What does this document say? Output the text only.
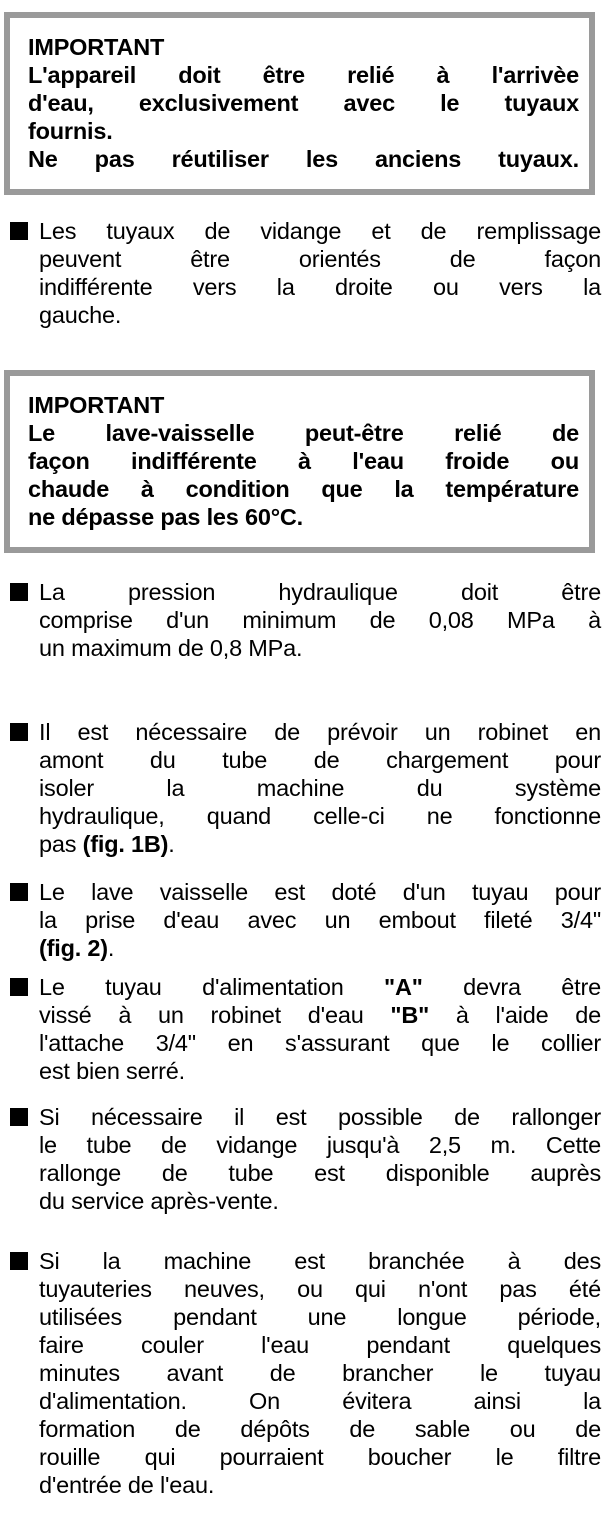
IMPORTANT
L'appareil doit être relié à l'arrivèe
d'eau, exclusivement avec le tuyaux
fournis.
Ne pas réutiliser les anciens tuyaux.
Les tuyaux de vidange et de remplissage
peuvent être orientés de façon
indifférente vers la droite ou vers la
gauche.
IMPORTANT
Le lave-vaisselle peut-être relié de
façon indifférente à l'eau froide ou
chaude à condition que la température
ne dépasse pas les 60°C.
La pression hydraulique doit être
comprise d'un minimum de 0,08 MPa à
un maximum de 0,8 MPa.
Il est nécessaire de prévoir un robinet en
amont du tube de chargement pour
isoler la machine du système
hydraulique, quand celle-ci ne fonctionne
pas (fig. 1B).
Le lave vaisselle est doté d'un tuyau pour
la prise d'eau avec un embout fileté 3/4"
(fig. 2).
Le tuyau d'alimentation "A" devra être
vissé à un robinet d'eau "B" à l'aide de
l'attache 3/4" en s'assurant que le collier
est bien serré.
Si nécessaire il est possible de rallonger
le tube de vidange jusqu'à 2,5 m. Cette
rallonge de tube est disponible auprès
du service après-vente.
Si la machine est branchée à des
tuyauteries neuves, ou qui n'ont pas été
utilisées pendant une longue période,
faire couler l'eau pendant quelques
minutes avant de brancher le tuyau
d'alimentation. On évitera ainsi la
formation de dépôts de sable ou de
rouille qui pourraient boucher le filtre
d'entrée de l'eau.
